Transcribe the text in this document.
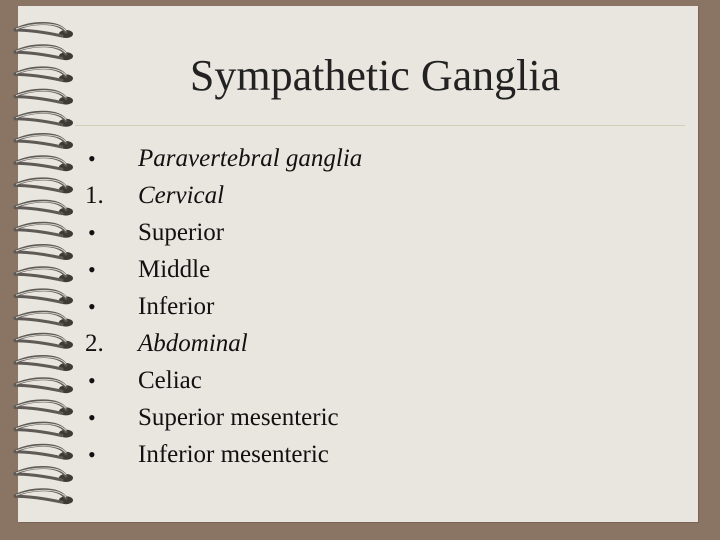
Sympathetic Ganglia
•	Paravertebral ganglia
1.	Cervical
•	Superior
•	Middle
•	Inferior
2.	Abdominal
•	Celiac
•	Superior mesenteric
•	Inferior mesenteric
